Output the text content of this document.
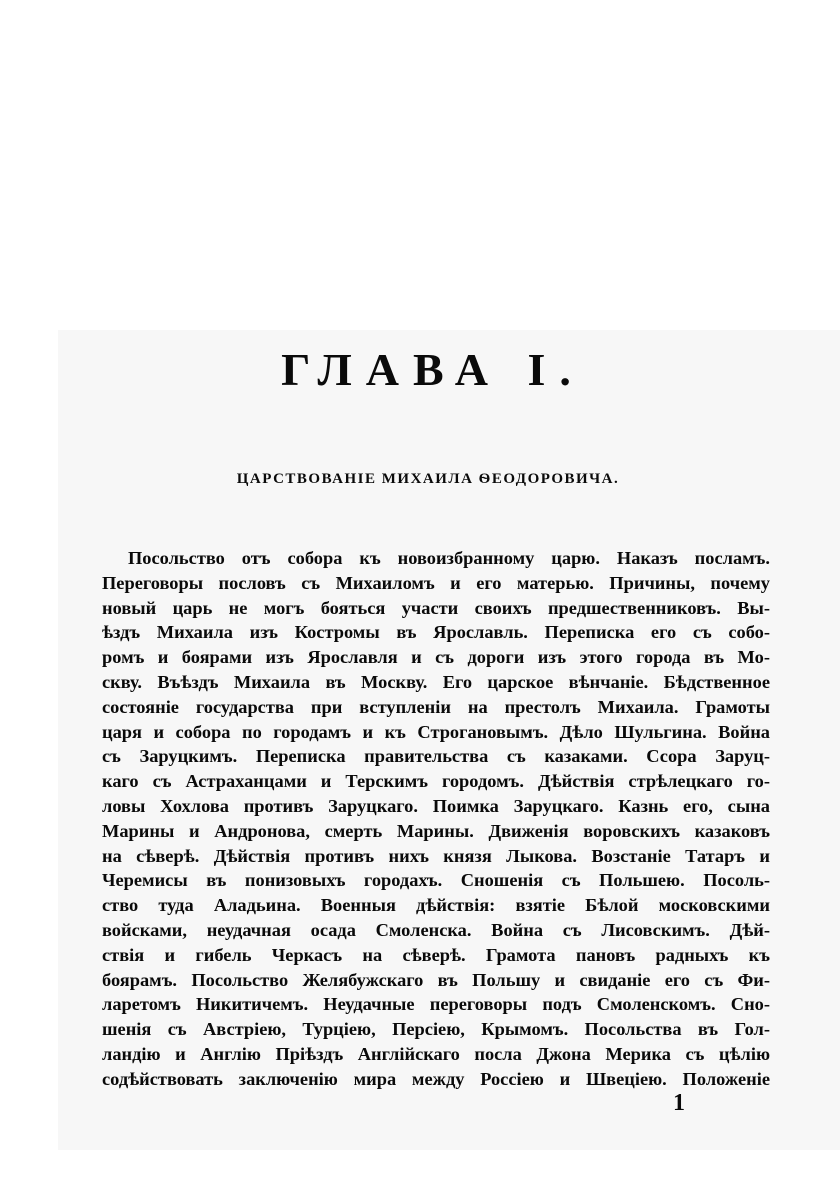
ГЛАВА I.
ЦАРСТВОВАНІЕ МИХАИЛА ѲЕОДОРОВИЧА.
Посольство отъ собора къ новоизбранному царю. Наказъ посламъ.
Переговоры пословъ съ Михаиломъ и его матерью. Причины, почему
новый царь не могъ бояться участи своихъ предшественниковъ. Вы-
ѣздъ Михаила изъ Костромы въ Ярославль. Переписка его съ собо-
ромъ и боярами изъ Ярославля и съ дороги изъ этого города въ Мо-
скву. Въѣздъ Михаила въ Москву. Его царское вѣнчаніе. Бѣдственное
состояніе государства при вступленіи на престолъ Михаила. Грамоты
царя и собора по городамъ и къ Строгановымъ. Дѣло Шульгина. Война
съ Заруцкимъ. Переписка правительства съ казаками. Ссора Заруц-
каго съ Астраханцами и Терскимъ городомъ. Дѣйствія стрѣлецкаго го-
ловы Хохлова противъ Заруцкаго. Поимка Заруцкаго. Казнь его, сына
Марины и Андронова, смерть Марины. Движенія воровскихъ казаковъ
на сѣверѣ. Дѣйствія противъ нихъ князя Лыкова. Возстаніе Татаръ и
Черемисы въ понизовыхъ городахъ. Сношенія съ Польшею. Посоль-
ство туда Аладьина. Военныя дѣйствія: взятіе Бѣлой московскими
войсками, неудачная осада Смоленска. Война съ Лисовскимъ. Дѣй-
ствія и гибель Черкасъ на сѣверѣ. Грамота пановъ радныхъ къ
боярамъ. Посольство Желябужскаго въ Польшу и свиданіе его съ Фи-
ларетомъ Никитичемъ. Неудачные переговоры подъ Смоленскомъ. Сно-
шенія съ Австріею, Турціею, Персіею, Крымомъ. Посольства въ Гол-
ландію и Англію Пріѣздъ Англійскаго посла Джона Мерика съ цѣлію
содѣйствовать заключенію мира между Россіею и Швеціею. Положеніе
1
